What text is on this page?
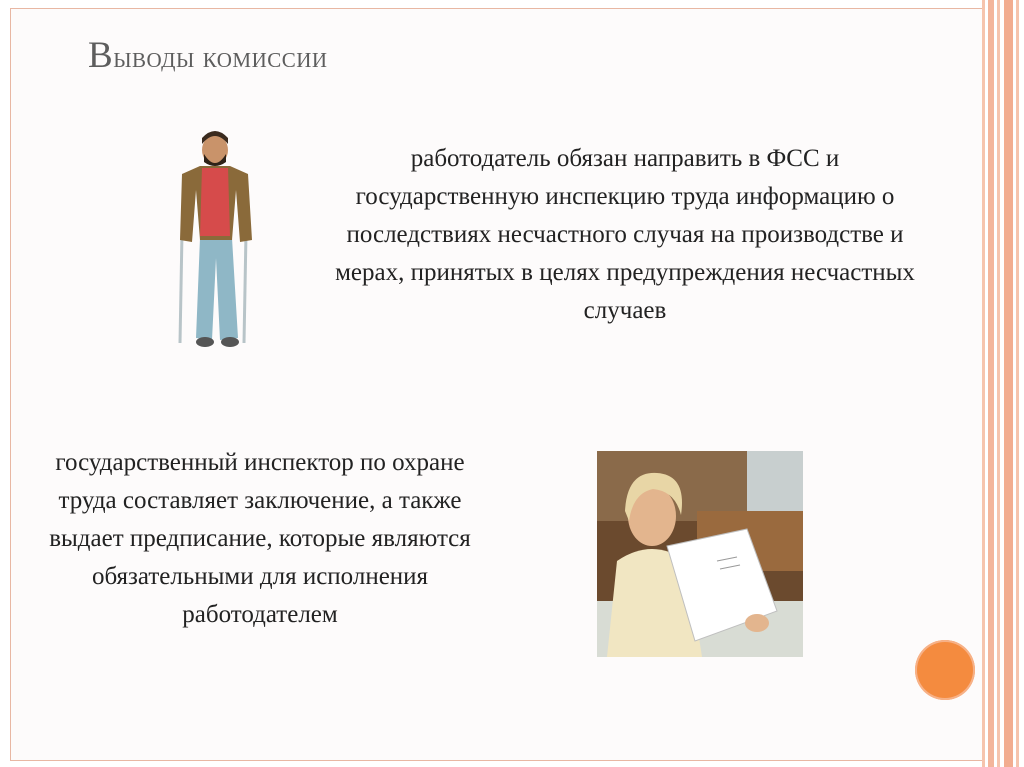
Выводы комиссии
работодатель обязан направить в ФСС и государственную инспекцию труда информацию о последствиях несчастного случая на производстве и мерах, принятых в целях предупреждения несчастных случаев
государственный инспектор по охране труда составляет заключение, а также выдает предписание, которые являются обязательными для исполнения работодателем
